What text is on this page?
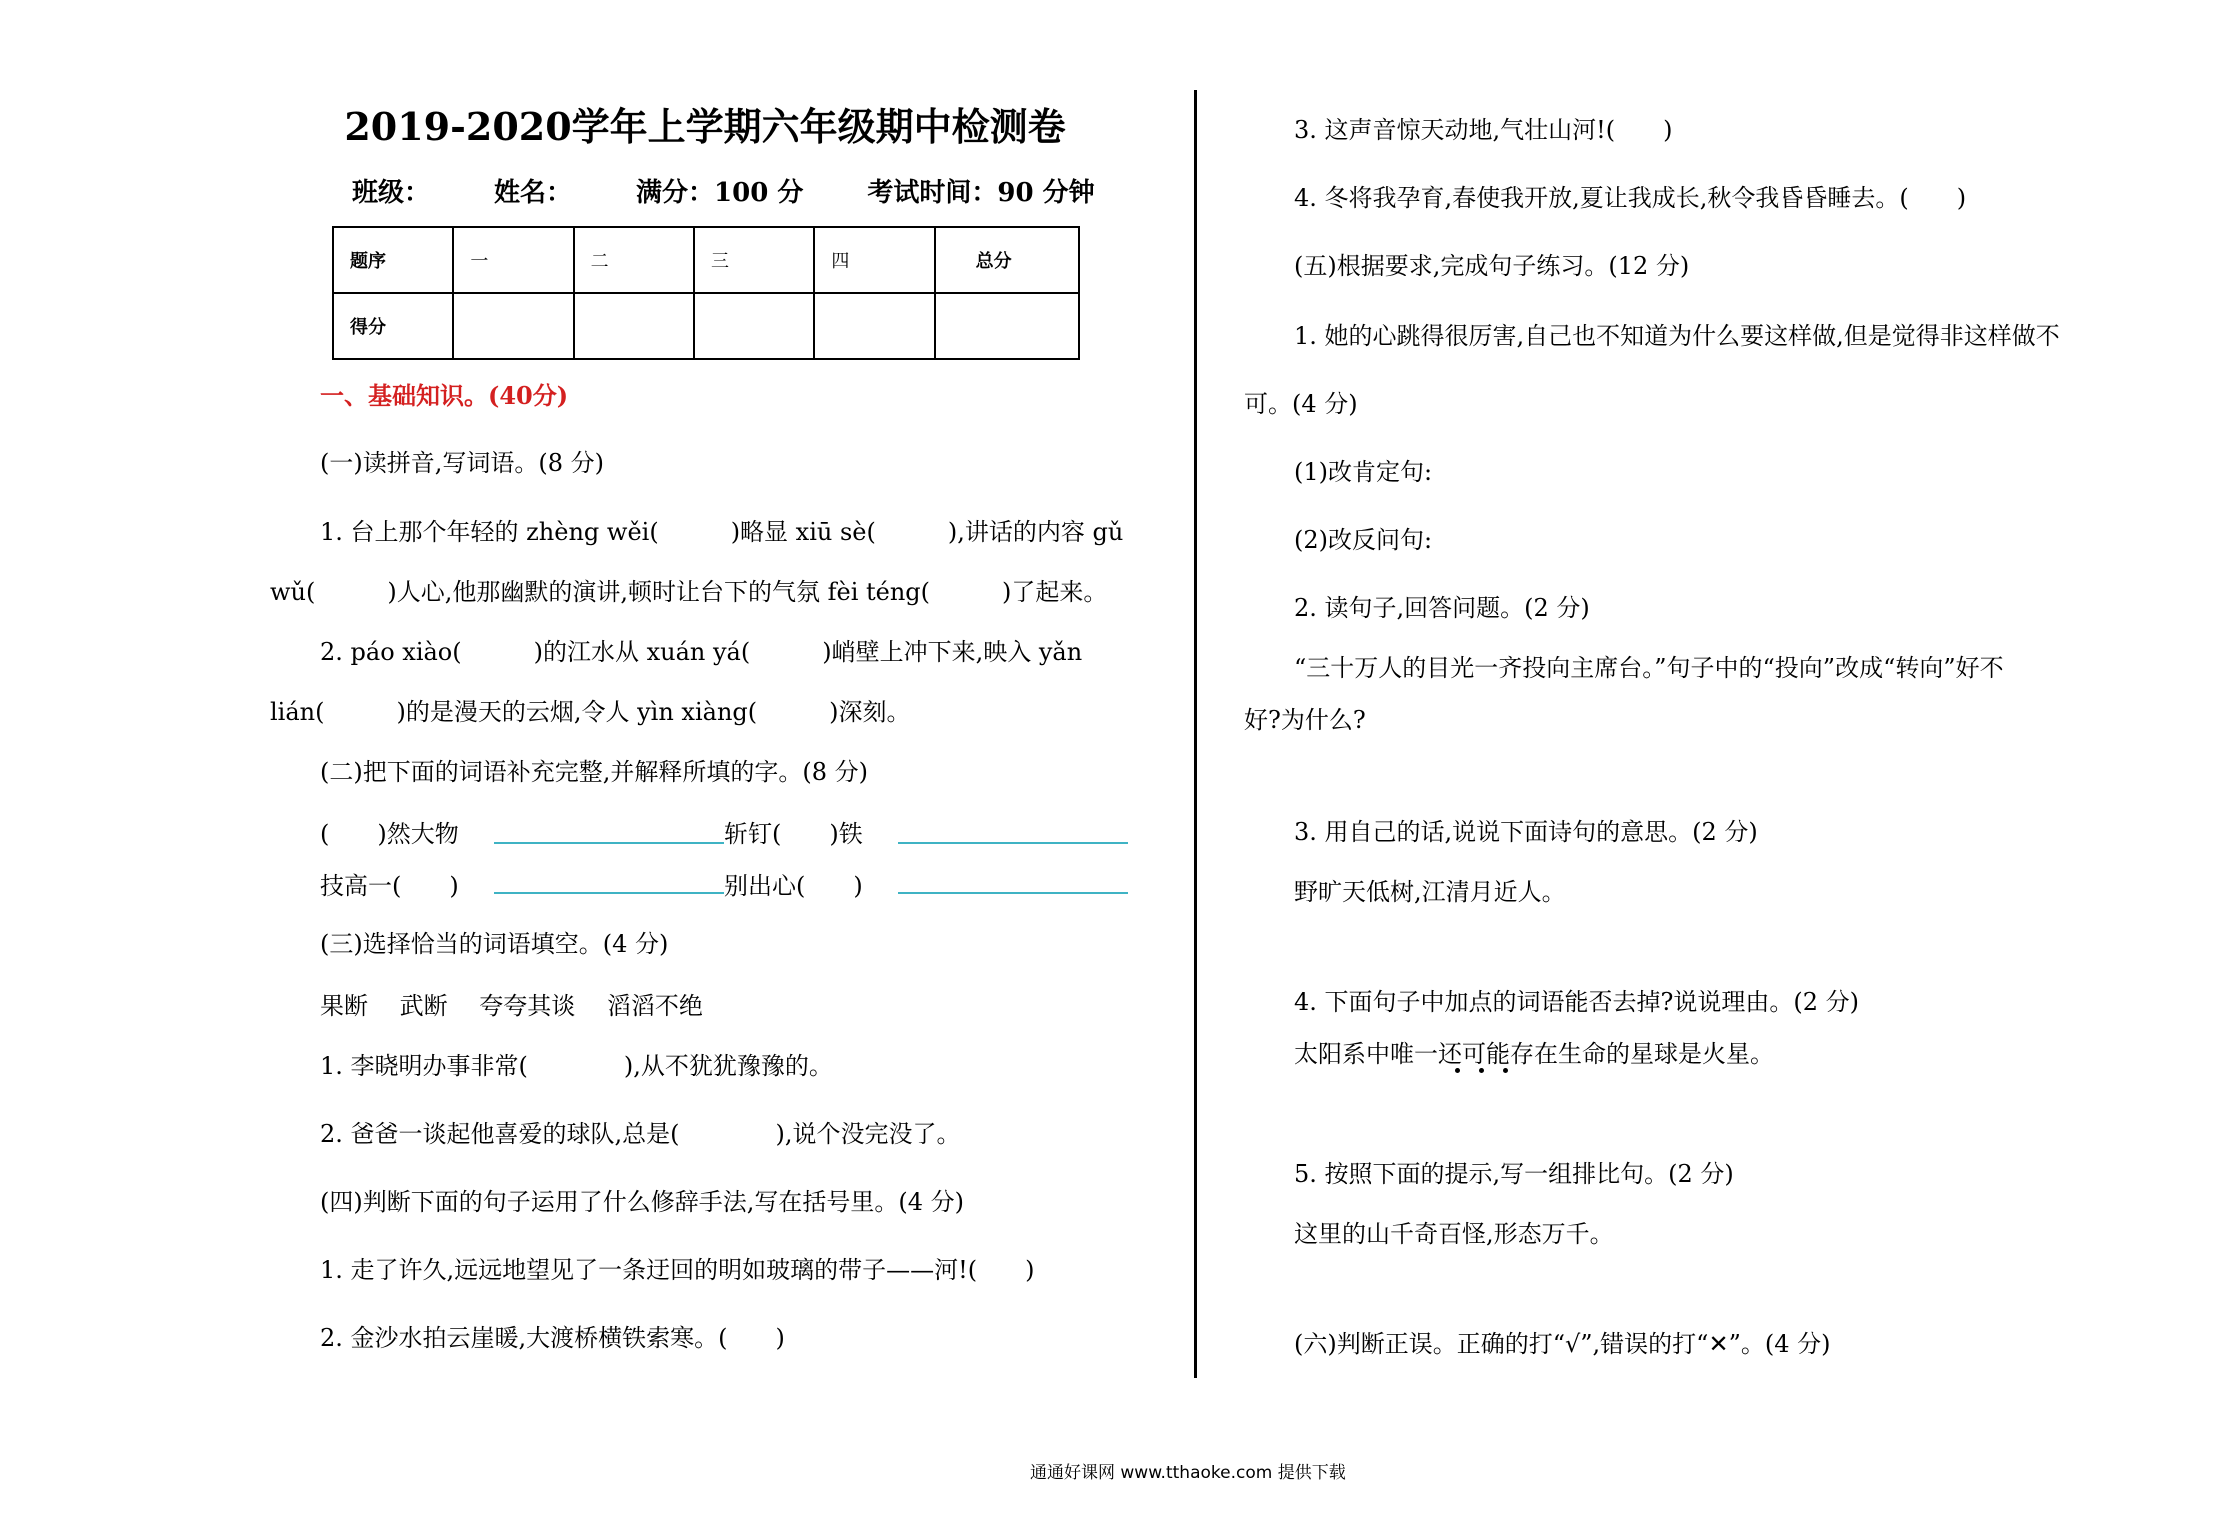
2019-2020学年上学期六年级期中检测卷
班级： 姓名： 满分：100 分 考试时间：90 分钟
题序	一	二	三	四	总分
得分					
一、基础知识。(40分)
(一)读拼音,写词语。(8 分)
1. 台上那个年轻的 zhèng wěi(　　　)略显 xiū sè(　　　),讲话的内容 gǔ
wǔ(　　　)人心,他那幽默的演讲,顿时让台下的气氛 fèi téng(　　　)了起来。
2. páo xiào(　　　)的江水从 xuán yá(　　　)峭壁上冲下来,映入 yǎn
lián(　　　)的是漫天的云烟,令人 yìn xiàng(　　　)深刻。
(二)把下面的词语补充完整,并解释所填的字。(8 分)
(　　)然大物	斩钉(　　)铁
技高一(　　)	别出心(　　)
(三)选择恰当的词语填空。(4 分)
果断　 武断　 夸夸其谈　 滔滔不绝
1. 李晓明办事非常(　　　　),从不犹犹豫豫的。
2. 爸爸一谈起他喜爱的球队,总是(　　　　),说个没完没了。
(四)判断下面的句子运用了什么修辞手法,写在括号里。(4 分)
1. 走了许久,远远地望见了一条迂回的明如玻璃的带子——河!(　　)
2. 金沙水拍云崖暖,大渡桥横铁索寒。(　　)
3. 这声音惊天动地,气壮山河!(　　)
4. 冬将我孕育,春使我开放,夏让我成长,秋令我昏昏睡去。(　　)
(五)根据要求,完成句子练习。(12 分)
1. 她的心跳得很厉害,自己也不知道为什么要这样做,但是觉得非这样做不
可。(4 分)
(1)改肯定句:
(2)改反问句:
2. 读句子,回答问题。(2 分)
“三十万人的目光一齐投向主席台。”句子中的“投向”改成“转向”好不
好?为什么?
3. 用自己的话,说说下面诗句的意思。(2 分)
野旷天低树,江清月近人。
4. 下面句子中加点的词语能否去掉?说说理由。(2 分)
太阳系中唯一还可能存在生命的星球是火星。
5. 按照下面的提示,写一组排比句。(2 分)
这里的山千奇百怪,形态万千。
(六)判断正误。正确的打“√”,错误的打“✕”。(4 分)
通通好课网 www.tthaoke.com 提供下载
